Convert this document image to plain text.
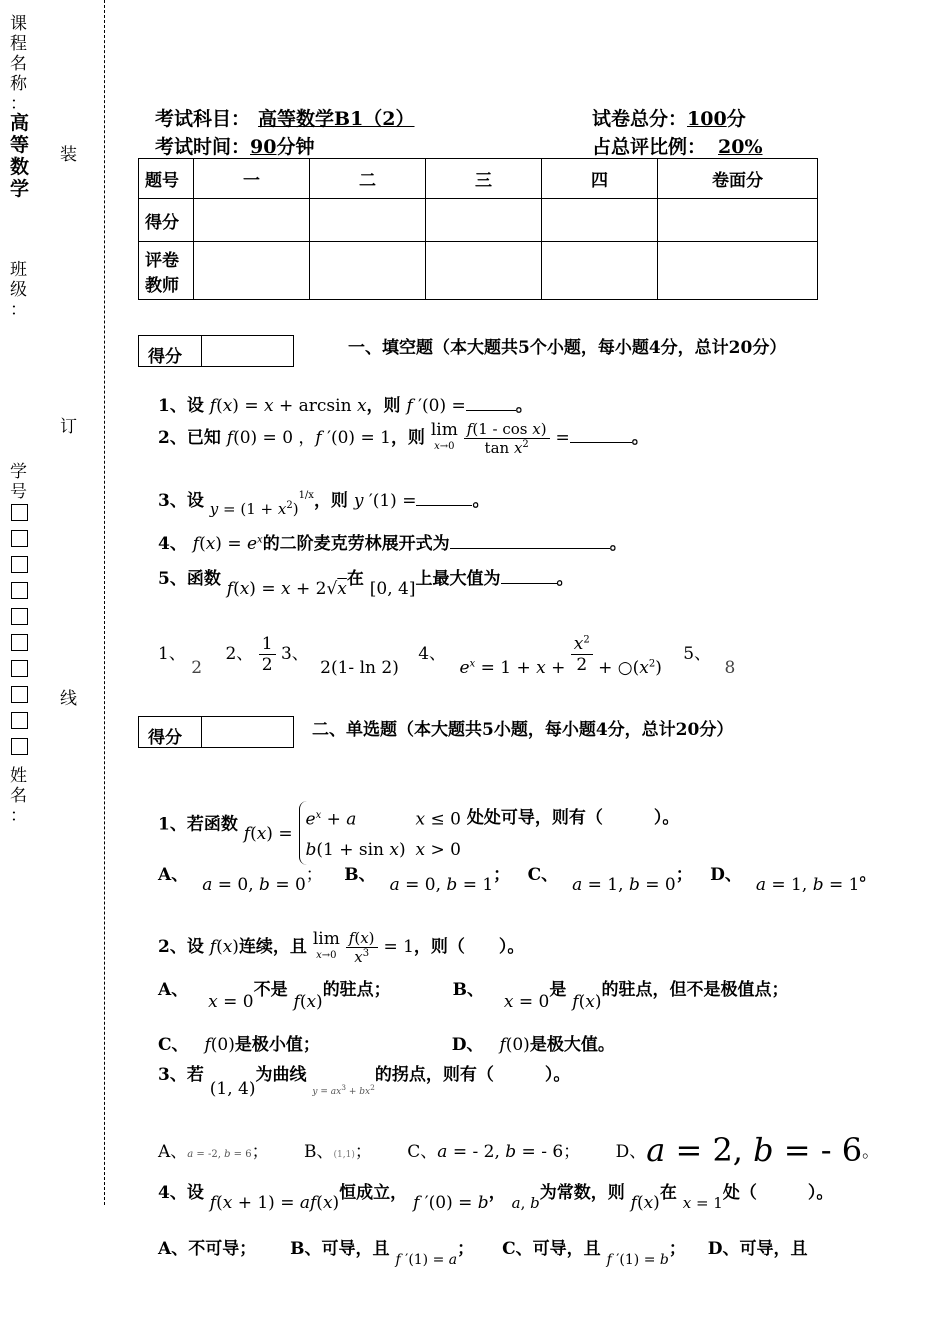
课
程
名
称
：
高
等
数
学
班
级
：
学
号
姓
名
：
装
订
线
考试科目： 高等数学B1（2）	试卷总分：100分
考试时间：90分钟	占总评比例： 20%
题号	一	二	三	四	卷面分
得分					

评卷
教师					

得分	一、填空题（本大题共5个小题，每小题4分，总计20分）
1、设 f(x) = x + arcsin x，则 f ′(0) =	。
2、已知 f(0) = 0 ，f ′(0) = 1，则 lim
$x\to 0 \frac{\text{f(1 - cos x)}}{\tan x^2}$ =	。
3、设 $y = (1 + x^2)^{1/x}$，则 y ′(1) =	。
4、 $f(x) = e^x$的二阶麦克劳林展开式为	。
5、函数 f(x) = x + 2√x在 [0, 4]上最大值为	。
1、 2 2、 $\frac{1}{2} 3$、 2(1- ln 2) 4、 $e^x = 1 + x + \frac{x^2}{2}$ + $○(x^2)$ 5、 8
得分	二、单选题（本大题共5小题，每小题4分，总计20分）
1、若函数 $f(x) = e^x + a$	x ≤ 0
b(1 + sin x) x > 0 处处可导，则有（　　　）。
A、 a = 0, b = 0； B、 a = 0, b = 1； C、 a = 1, b = 0； D、 a = 1, b = 1。
2、设 f(x)连续，且 lim
$x\to 0 \frac{f(x)}{x^3} = 1$，则（　　）。
A、 x = 0不是 f(x)的驻点；	B、 x = 0是 f(x)的驻点，但不是极值点；
C、 f(0)是极小值；	D、 f(0)是极大值。
3、若 (1, 4)为曲线 $_{y = ax^3 + bx^2}$的拐点，则有（　　　）。
A、a = -2, b = 6； B、(1,1)； C、a = - 2, b = - 6； D、a = 2, b = - 6。
4、设 f(x + 1) = af(x)恒成立， f ′(0) = b， a, b为常数，则 f(x)在 x = 1处（　　　）。
A、不可导； B、可导，且$_{f '(1) = a}$； C、可导，且$_{f '(1) = b}$； D、可导，且
